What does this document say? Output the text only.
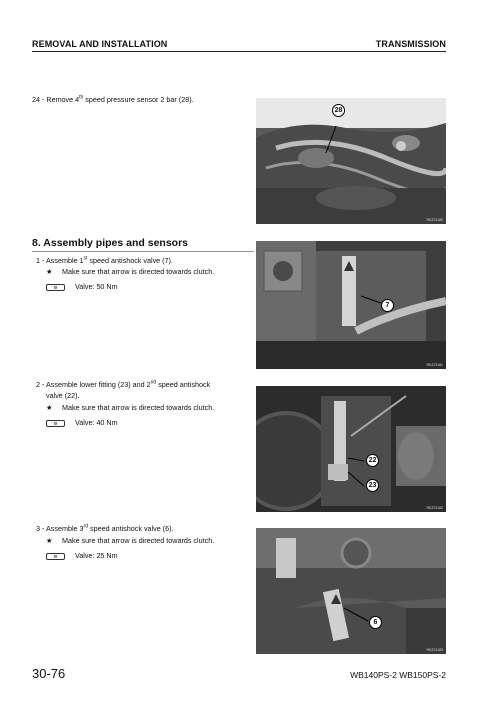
REMOVAL AND INSTALLATION	TRANSMISSION
24 - Remove 4th speed pressure sensor 2 bar (28).
RKZ21180
28
8. Assembly pipes and sensors
1 - Assemble 1st speed antishock valve (7).
★ Make sure that arrow is directed towards clutch.
⚙ Valve: 50 Nm
RKZ21181
7
2 - Assemble lower fitting (23) and 2nd speed antishock
valve (22).
★ Make sure that arrow is directed towards clutch.
⚙ Valve: 40 Nm
RKZ21182
22
23
3 - Assemble 3rd speed antishock valve (6).
★ Make sure that arrow is directed towards clutch.
⚙ Valve: 25 Nm
RKZ21183
6
30-76	WB140PS-2 WB150PS-2
